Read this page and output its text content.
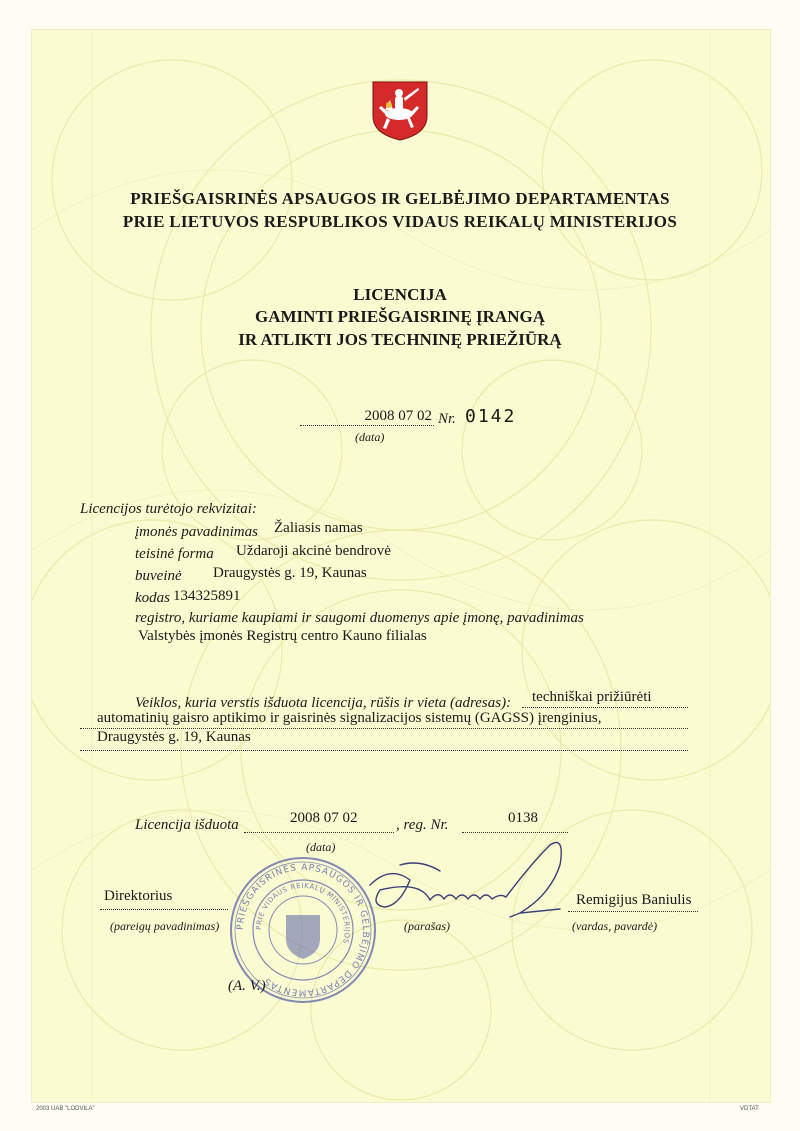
PRIEŠGAISRINĖS APSAUGOS IR GELBĖJIMO DEPARTAMENTAS
PRIE LIETUVOS RESPUBLIKOS VIDAUS REIKALŲ MINISTERIJOS
LICENCIJA
GAMINTI PRIEŠGAISRINĘ ĮRANGĄ
IR ATLIKTI JOS TECHNINĘ PRIEŽIŪRĄ
2008 07 02 Nr. 0142
(data)
Licencijos turėtojo rekvizitai:
įmonės pavadinimas Žaliasis namas
teisinė forma Uždaroji akcinė bendrovė
buveinė Draugystės g. 19, Kaunas
kodas 134325891
registro, kuriame kaupiami ir saugomi duomenys apie įmonę, pavadinimas
Valstybės įmonės Registrų centro Kauno filialas
Veiklos, kuria verstis išduota licencija, rūšis ir vieta (adresas): techniškai prižiūrėti
automatinių gaisro aptikimo ir gaisrinės signalizacijos sistemų (GAGSS) įrenginius,
Draugystės g. 19, Kaunas
Licencija išduota	2008 07 02	, reg. Nr.	0138
(data)
PRIEŠGAISRINĖS APSAUGOS IR GELBĖJIMO DEPARTAMENTAS
PRIE VIDAUS REIKALŲ MINISTERIJOS
Direktorius
(pareigų pavadinimas)	(parašas)
Remigijus Baniulis
(vardas, pavardė)
(A. V.)
2003 UAB "LODVILA"	VDTAT
